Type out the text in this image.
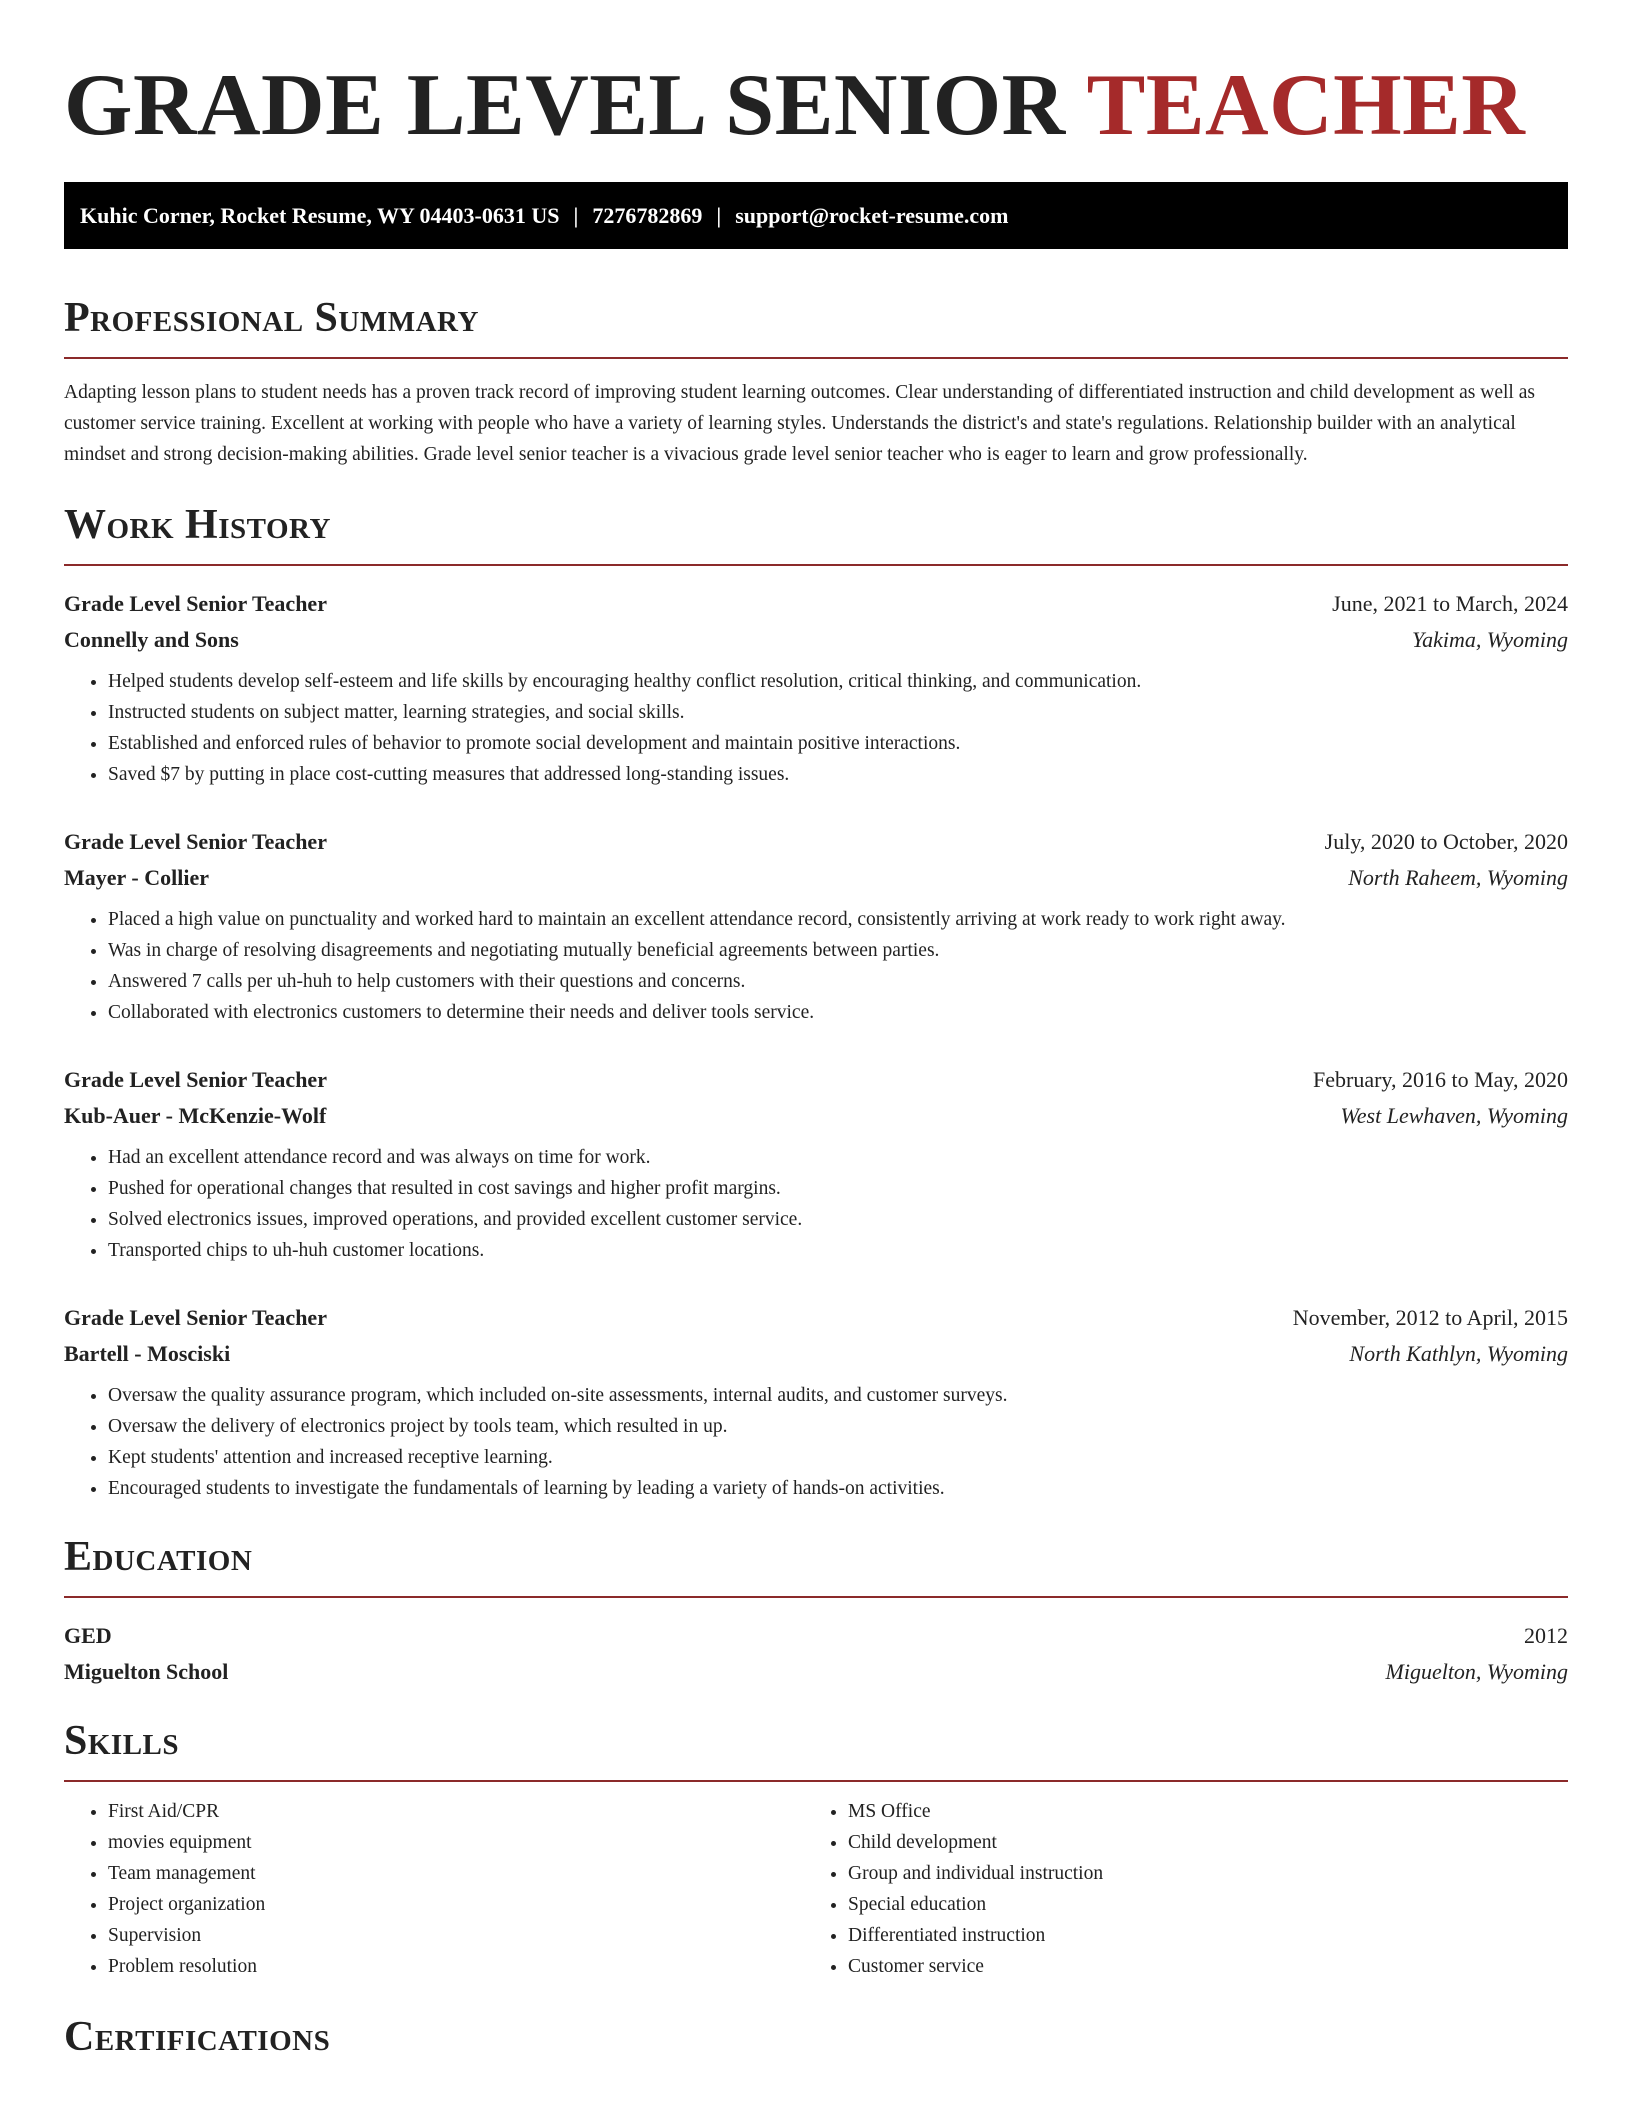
GRADE LEVEL SENIOR TEACHER
Kuhic Corner, Rocket Resume, WY 04403-0631 US | 7276782869 | support@rocket-resume.com
Professional Summary

Adapting lesson plans to student needs has a proven track record of improving student learning outcomes. Clear understanding of differentiated instruction and child development as well as customer service training. Excellent at working with people who have a variety of learning styles. Understands the district's and state's regulations. Relationship builder with an analytical mindset and strong decision-making abilities. Grade level senior teacher is a vivacious grade level senior teacher who is eager to learn and grow professionally.

Work History
Grade Level Senior Teacher	June, 2021 to March, 2024
Connelly and Sons	Yakima, Wyoming
• Helped students develop self-esteem and life skills by encouraging healthy conflict resolution, critical thinking, and communication.
• Instructed students on subject matter, learning strategies, and social skills.
• Established and enforced rules of behavior to promote social development and maintain positive interactions.
• Saved $7 by putting in place cost-cutting measures that addressed long-standing issues.
Grade Level Senior Teacher	July, 2020 to October, 2020
Mayer - Collier	North Raheem, Wyoming
• Placed a high value on punctuality and worked hard to maintain an excellent attendance record, consistently arriving at work ready to work right away.
• Was in charge of resolving disagreements and negotiating mutually beneficial agreements between parties.
• Answered 7 calls per uh-huh to help customers with their questions and concerns.
• Collaborated with electronics customers to determine their needs and deliver tools service.
Grade Level Senior Teacher	February, 2016 to May, 2020
Kub-Auer - McKenzie-Wolf	West Lewhaven, Wyoming
• Had an excellent attendance record and was always on time for work.
• Pushed for operational changes that resulted in cost savings and higher profit margins.
• Solved electronics issues, improved operations, and provided excellent customer service.
• Transported chips to uh-huh customer locations.
Grade Level Senior Teacher	November, 2012 to April, 2015
Bartell - Mosciski	North Kathlyn, Wyoming
• Oversaw the quality assurance program, which included on-site assessments, internal audits, and customer surveys.
• Oversaw the delivery of electronics project by tools team, which resulted in up.
• Kept students' attention and increased receptive learning.
• Encouraged students to investigate the fundamentals of learning by leading a variety of hands-on activities.
Education
GED	2012
Miguelton School	Miguelton, Wyoming
Skills
• First Aid/CPR
• movies equipment
• Team management
• Project organization
• Supervision
• Problem resolution
• MS Office
• Child development
• Group and individual instruction
• Special education
• Differentiated instruction
• Customer service
Certifications
